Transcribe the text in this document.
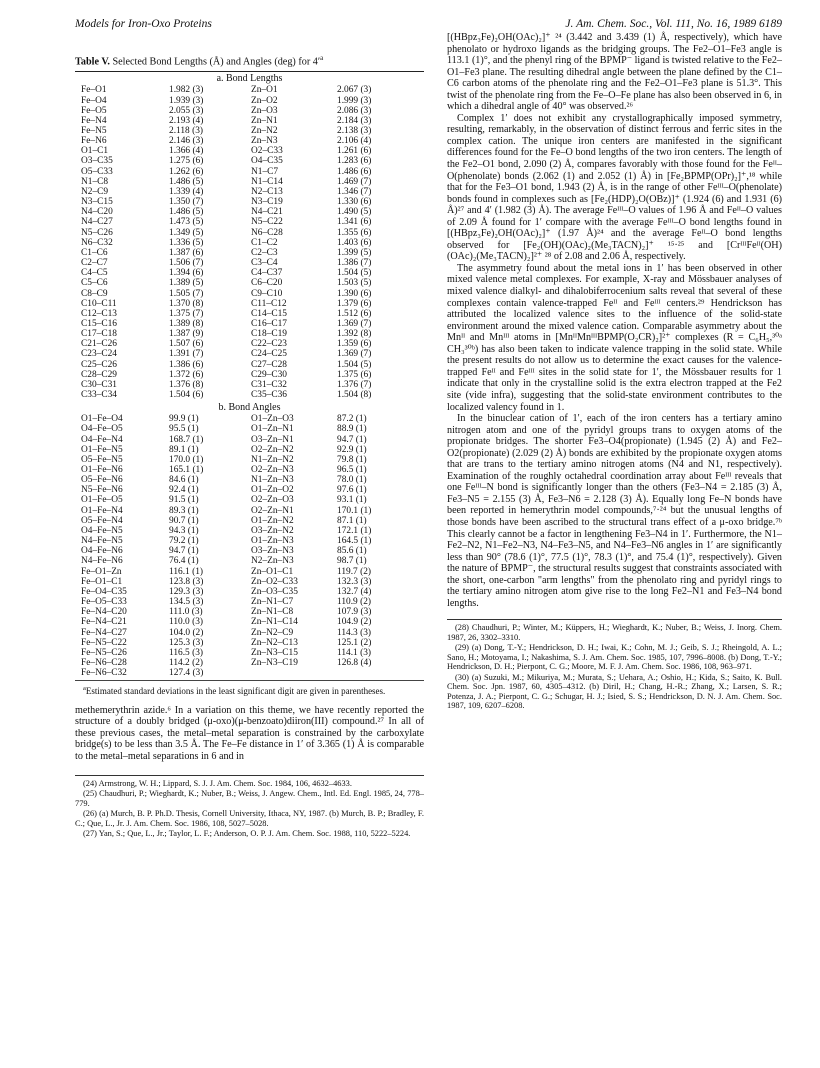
Models for Iron-Oxo Proteins	J. Am. Chem. Soc., Vol. 111, No. 16, 1989 6189
Table V. Selected Bond Lengths (Å) and Angles (deg) for $4'^a$
a. Bond Lengths
Fe–O1	1.982 (3)	Zn–O1	2.067 (3)
Fe–O4	1.939 (3)	Zn–O2	1.999 (3)
Fe–O5	2.055 (3)	Zn–O3	2.086 (3)
Fe–N4	2.193 (4)	Zn–N1	2.184 (3)
Fe–N5	2.118 (3)	Zn–N2	2.138 (3)
Fe–N6	2.146 (3)	Zn–N3	2.106 (4)
O1–C1	1.366 (4)	O2–C33	1.261 (6)
O3–C35	1.275 (6)	O4–C35	1.283 (6)
O5–C33	1.262 (6)	N1–C7	1.486 (6)
N1–C8	1.486 (5)	N1–C14	1.469 (7)
N2–C9	1.339 (4)	N2–C13	1.346 (7)
N3–C15	1.350 (7)	N3–C19	1.330 (6)
N4–C20	1.486 (5)	N4–C21	1.490 (5)
N4–C27	1.473 (5)	N5–C22	1.341 (6)
N5–C26	1.349 (5)	N6–C28	1.355 (6)
N6–C32	1.336 (5)	C1–C2	1.403 (6)
C1–C6	1.387 (6)	C2–C3	1.399 (5)
C2–C7	1.506 (7)	C3–C4	1.386 (7)
C4–C5	1.394 (6)	C4–C37	1.504 (5)
C5–C6	1.389 (5)	C6–C20	1.503 (5)
C8–C9	1.505 (7)	C9–C10	1.390 (6)
C10–C11	1.370 (8)	C11–C12	1.379 (6)
C12–C13	1.375 (7)	C14–C15	1.512 (6)
C15–C16	1.389 (8)	C16–C17	1.369 (7)
C17–C18	1.387 (9)	C18–C19	1.392 (8)
C21–C26	1.507 (6)	C22–C23	1.359 (6)
C23–C24	1.391 (7)	C24–C25	1.369 (7)
C25–C26	1.386 (6)	C27–C28	1.504 (5)
C28–C29	1.372 (6)	C29–C30	1.375 (6)
C30–C31	1.376 (8)	C31–C32	1.376 (7)
C33–C34	1.504 (6)	C35–C36	1.504 (8)
b. Bond Angles
O1–Fe–O4	99.9 (1)	O1–Zn–O3	87.2 (1)
O4–Fe–O5	95.5 (1)	O1–Zn–N1	88.9 (1)
O4–Fe–N4	168.7 (1)	O3–Zn–N1	94.7 (1)
O1–Fe–N5	89.1 (1)	O2–Zn–N2	92.9 (1)
O5–Fe–N5	170.0 (1)	N1–Zn–N2	79.8 (1)
O1–Fe–N6	165.1 (1)	O2–Zn–N3	96.5 (1)
O5–Fe–N6	84.6 (1)	N1–Zn–N3	78.0 (1)
N5–Fe–N6	92.4 (1)	O1–Zn–O2	97.6 (1)
O1–Fe–O5	91.5 (1)	O2–Zn–O3	93.1 (1)
O1–Fe–N4	89.3 (1)	O2–Zn–N1	170.1 (1)
O5–Fe–N4	90.7 (1)	O1–Zn–N2	87.1 (1)
O4–Fe–N5	94.3 (1)	O3–Zn–N2	172.1 (1)
N4–Fe–N5	79.2 (1)	O1–Zn–N3	164.5 (1)
O4–Fe–N6	94.7 (1)	O3–Zn–N3	85.6 (1)
N4–Fe–N6	76.4 (1)	N2–Zn–N3	98.7 (1)
Fe–O1–Zn	116.1 (1)	Zn–O1–C1	119.7 (2)
Fe–O1–C1	123.8 (3)	Zn–O2–C33	132.3 (3)
Fe–O4–C35	129.3 (3)	Zn–O3–C35	132.7 (4)
Fe–O5–C33	134.5 (3)	Zn–N1–C7	110.9 (2)
Fe–N4–C20	111.0 (3)	Zn–N1–C8	107.9 (3)
Fe–N4–C21	110.0 (3)	Zn–N1–C14	104.9 (2)
Fe–N4–C27	104.0 (2)	Zn–N2–C9	114.3 (3)
Fe–N5–C22	125.3 (3)	Zn–N2–C13	125.1 (2)
Fe–N5–C26	116.5 (3)	Zn–N3–C15	114.1 (3)
Fe–N6–C28	114.2 (2)	Zn–N3–C19	126.8 (4)
Fe–N6–C32	127.4 (3)		

$^a$Estimated standard deviations in the least significant digit are given in parentheses.

methemerythrin azide.⁶ In a variation on this theme, we have recently reported the structure of a doubly bridged (μ-oxo)(μ-benzoato)diiron(III) compound.²⁷ In all of these previous cases, the metal–metal separation is constrained by the carboxylate bridge(s) to be less than 3.5 Å. The Fe–Fe distance in 1′ of 3.365 (1) Å is comparable to the metal–metal separations in 6 and in

(24) Armstrong, W. H.; Lippard, S. J. J. Am. Chem. Soc. 1984, 106, 4632–4633.

(25) Chaudhuri, P.; Wieghardt, K.; Nuber, B.; Weiss, J. Angew. Chem., Intl. Ed. Engl. 1985, 24, 778–779.

(26) (a) Murch, B. P. Ph.D. Thesis, Cornell University, Ithaca, NY, 1987. (b) Murch, B. P.; Bradley, F. C.; Que, L., Jr. J. Am. Chem. Soc. 1986, 108, 5027–5028.

(27) Yan, S.; Que, L., Jr.; Taylor, L. F.; Anderson, O. P. J. Am. Chem. Soc. 1988, 110, 5222–5224.

[(HBpz₃Fe)₂OH(OAc)₂]⁺ ²⁴ (3.442 and 3.439 (1) Å, respectively), which have phenolato or hydroxo ligands as the bridging groups. The Fe2–O1–Fe3 angle is 113.1 (1)°, and the phenyl ring of the BPMP⁻ ligand is twisted relative to the Fe2–O1–Fe3 plane. The resulting dihedral angle between the plane defined by the C1–C6 carbon atoms of the phenolate ring and the Fe2–O1–Fe3 plane is 51.3°. This twist of the phenolate ring from the Fe–O–Fe plane has also been observed in 6, in which a dihedral angle of 40° was observed.²⁶

Complex 1′ does not exhibit any crystallographically imposed symmetry, resulting, remarkably, in the observation of distinct ferrous and ferric sites in the complex cation. The unique iron centers are manifested in the significant differences found for the Fe–O bond lengths of the two iron centers. The length of the Fe2–O1 bond, 2.090 (2) Å, compares favorably with those found for the Feᴵᴵ–O(phenolate) bonds (2.062 (1) and 2.052 (1) Å) in [Fe₂BPMP(OPr)₂]⁺,¹⁸ while that for the Fe3–O1 bond, 1.943 (2) Å, is in the range of other Feᴵᴵᴵ–O(phenolate) bonds found in complexes such as [Fe₂(HDP)₂O(OBz)]⁺ (1.924 (6) and 1.931 (6) Å)²⁷ and 4′ (1.982 (3) Å). The average Feᴵᴵᴵ–O values of 1.96 Å and Feᴵᴵ–O values of 2.09 Å found for 1′ compare with the average Feᴵᴵᴵ–O bond lengths found in [(HBpz₃Fe)₂OH(OAc)₂]⁺ (1.97 Å)²⁴ and the average Feᴵᴵ–O bond lengths observed for [Fe₂(OH)(OAc)₂(Me₃TACN)₂]⁺ ¹⁵·²⁵ and [CrᴵᴵᴵFeᴵᴵ(OH)(OAc)₂(Me₃TACN)₂]²⁺ ²⁸ of 2.08 and 2.06 Å, respectively.

The asymmetry found about the metal ions in 1′ has been observed in other mixed valence metal complexes. For example, X-ray and Mössbauer analyses of mixed valence dialkyl- and dihalobiferrocenium salts reveal that several of these complexes contain valence-trapped Feᴵᴵ and Feᴵᴵᴵ centers.²⁹ Hendrickson has attributed the localized valence sites to the influence of the solid-state environment around the mixed valence cation. Comparable asymmetry about the Mnᴵᴵ and Mnᴵᴵᴵ atoms in [MnᴵᴵMnᴵᴵᴵBPMP(O₂CR)₂]²⁺ complexes (R = C₆H₅,³⁰ᵃ CH₃³⁰ᵇ) has also been taken to indicate valence trapping in the solid state. While the present results do not allow us to determine the exact causes for the valence-trapped Feᴵᴵ and Feᴵᴵᴵ sites in the solid state for 1′, the Mössbauer results for 1 indicate that only in the crystalline solid is the extra electron trapped at the Fe2 site (vide infra), suggesting that the solid-state environment contributes to the localized valency found in 1.

In the binuclear cation of 1′, each of the iron centers has a tertiary amino nitrogen atom and one of the pyridyl groups trans to oxygen atoms of the propionate bridges. The shorter Fe3–O4(propionate) (1.945 (2) Å) and Fe2–O2(propionate) (2.029 (2) Å) bonds are exhibited by the propionate oxygen atoms that are trans to the tertiary amino nitrogen atoms (N4 and N1, respectively). Examination of the roughly octahedral coordination array about Feᴵᴵᴵ reveals that one Feᴵᴵᴵ–N bond is significantly longer than the others (Fe3–N4 = 2.185 (3) Å, Fe3–N5 = 2.155 (3) Å, Fe3–N6 = 2.128 (3) Å). Equally long Fe–N bonds have been reported in hemerythrin model compounds,⁷·²⁴ but the unusual lengths of those bonds have been ascribed to the structural trans effect of a μ-oxo bridge.⁷ᵇ This clearly cannot be a factor in lengthening Fe3–N4 in 1′. Furthermore, the N1–Fe2–N2, N1–Fe2–N3, N4–Fe3–N5, and N4–Fe3–N6 angles in 1′ are significantly less than 90° (78.6 (1)°, 77.5 (1)°, 78.3 (1)°, and 75.4 (1)°, respectively). Given the nature of BPMP⁻, the structural results suggest that constraints associated with the short, one-carbon "arm lengths" from the phenolato ring and pyridyl rings to the tertiary amino nitrogen atom give rise to the long Fe2–N1 and Fe3–N4 bond lengths.

(28) Chaudhuri, P.; Winter, M.; Küppers, H.; Wieghardt, K.; Nuber, B.; Weiss, J. Inorg. Chem. 1987, 26, 3302–3310.

(29) (a) Dong, T.-Y.; Hendrickson, D. H.; Iwai, K.; Cohn, M. J.; Geib, S. J.; Rheingold, A. L.; Sano, H.; Motoyama, I.; Nakashima, S. J. Am. Chem. Soc. 1985, 107, 7996–8008. (b) Dong, T.-Y.; Hendrickson, D. H.; Pierpont, C. G.; Moore, M. F. J. Am. Chem. Soc. 1986, 108, 963–971.

(30) (a) Suzuki, M.; Mikuriya, M.; Murata, S.; Uehara, A.; Oshio, H.; Kida, S.; Saito, K. Bull. Chem. Soc. Jpn. 1987, 60, 4305–4312. (b) Diril, H.; Chang, H.-R.; Zhang, X.; Larsen, S. R.; Potenza, J. A.; Pierpont, C. G.; Schugar, H. J.; Isied, S. S.; Hendrickson, D. N. J. Am. Chem. Soc. 1987, 109, 6207–6208.
